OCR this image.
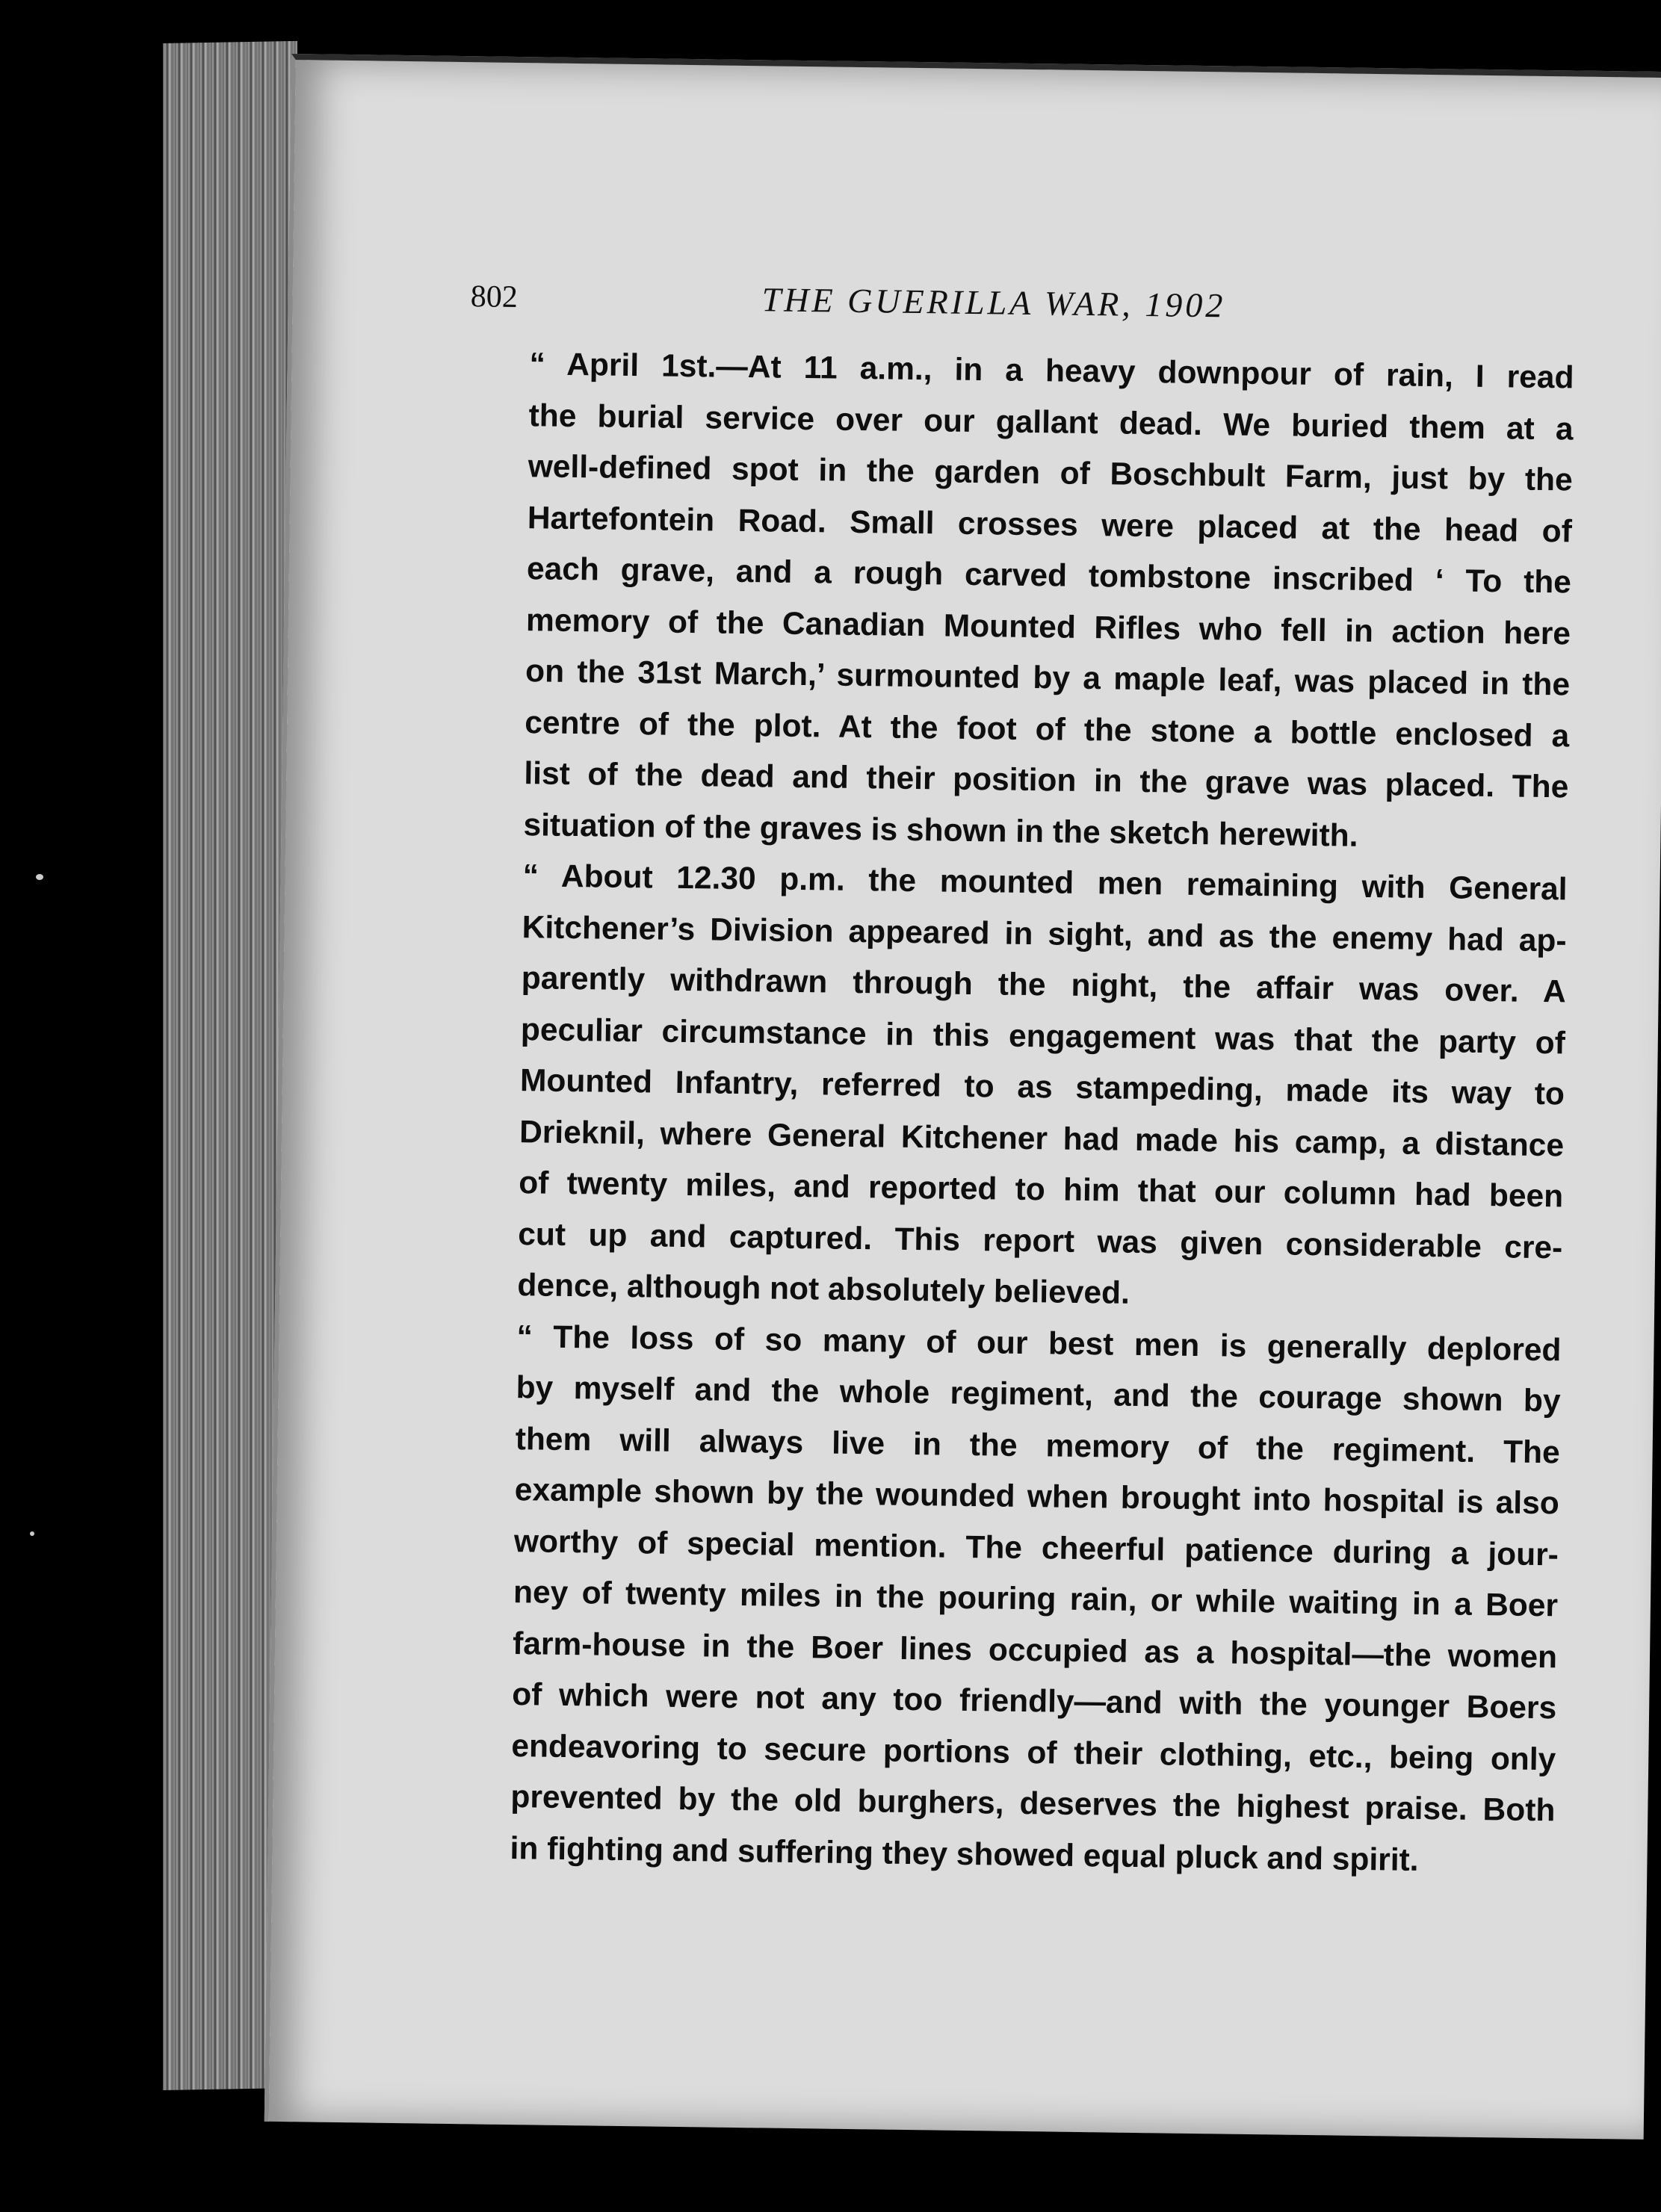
802	THE GUERILLA WAR, 1902

“ April 1st.—At 11 a.m., in a heavy downpour of rain, I read
the burial service over our gallant dead. We buried them at a
well-defined spot in the garden of Boschbult Farm, just by the
Hartefontein Road. Small crosses were placed at the head of
each grave, and a rough carved tombstone inscribed ‘ To the
memory of the Canadian Mounted Rifles who fell in action here
on the 31st March,’ surmounted by a maple leaf, was placed in the
centre of the plot. At the foot of the stone a bottle enclosed a
list of the dead and their position in the grave was placed. The
situation of the graves is shown in the sketch herewith.

“ About 12.30 p.m. the mounted men remaining with General
Kitchener’s Division appeared in sight, and as the enemy had ap-
parently withdrawn through the night, the affair was over. A
peculiar circumstance in this engagement was that the party of
Mounted Infantry, referred to as stampeding, made its way to
Drieknil, where General Kitchener had made his camp, a distance
of twenty miles, and reported to him that our column had been
cut up and captured. This report was given considerable cre-
dence, although not absolutely believed.

“ The loss of so many of our best men is generally deplored
by myself and the whole regiment, and the courage shown by
them will always live in the memory of the regiment. The
example shown by the wounded when brought into hospital is also
worthy of special mention. The cheerful patience during a jour-
ney of twenty miles in the pouring rain, or while waiting in a Boer
farm-house in the Boer lines occupied as a hospital—the women
of which were not any too friendly—and with the younger Boers
endeavoring to secure portions of their clothing, etc., being only
prevented by the old burghers, deserves the highest praise. Both
in fighting and suffering they showed equal pluck and spirit.
